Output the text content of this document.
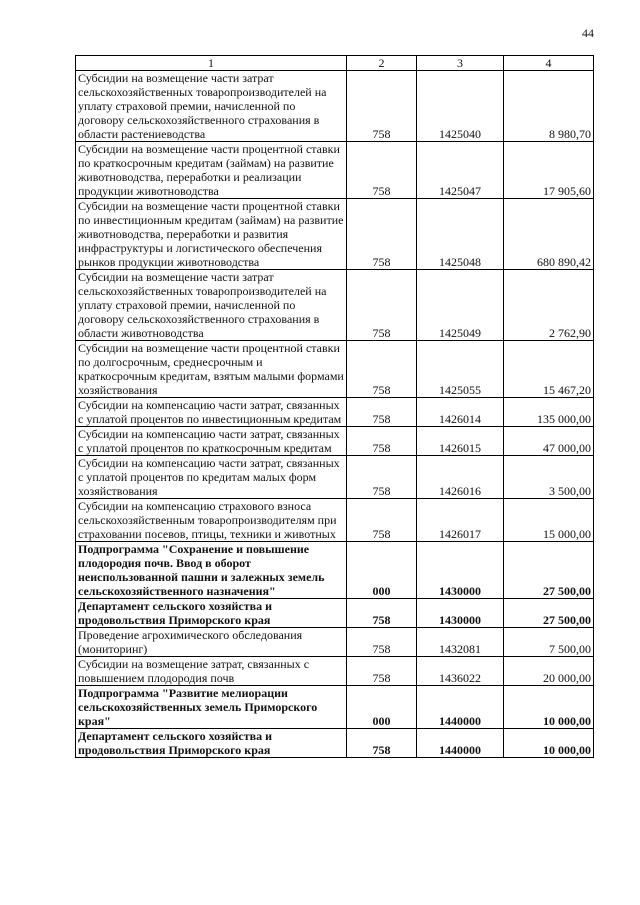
44
1	2	3	4
Субсидии на возмещение части затрат сельскохозяйственных товаропроизводителей на уплату страховой премии, начисленной по договору сельскохозяйственного страхования в области растениеводства	758	1425040	8 980,70
Субсидии на возмещение части процентной ставки по краткосрочным кредитам (займам) на развитие животноводства, переработки и реализации продукции животноводства	758	1425047	17 905,60
Субсидии на возмещение части процентной ставки по инвестиционным кредитам (займам) на развитие животноводства, переработки и развития инфраструктуры и логистического обеспечения рынков продукции животноводства	758	1425048	680 890,42
Субсидии на возмещение части затрат сельскохозяйственных товаропроизводителей на уплату страховой премии, начисленной по договору сельскохозяйственного страхования в области животноводства	758	1425049	2 762,90
Субсидии на возмещение части процентной ставки по долгосрочным, среднесрочным и краткосрочным кредитам, взятым малыми формами хозяйствования	758	1425055	15 467,20
Субсидии на компенсацию части затрат, связанных с уплатой процентов по инвестиционным кредитам	758	1426014	135 000,00
Субсидии на компенсацию части затрат, связанных с уплатой процентов по краткосрочным кредитам	758	1426015	47 000,00
Субсидии на компенсацию части затрат, связанных с уплатой процентов по кредитам малых форм хозяйствования	758	1426016	3 500,00
Субсидии на компенсацию страхового взноса сельскохозяйственным товаропроизводителям при страховании посевов, птицы, техники и животных	758	1426017	15 000,00
Подпрограмма "Сохранение и повышение плодородия почв. Ввод в оборот неиспользованной пашни и залежных земель сельскохозяйственного назначения"	000	1430000	27 500,00
Департамент сельского хозяйства и продовольствия Приморского края	758	1430000	27 500,00
Проведение агрохимического обследования (мониторинг)	758	1432081	7 500,00
Субсидии на возмещение затрат, связанных с повышением плодородия почв	758	1436022	20 000,00
Подпрограмма "Развитие мелиорации сельскохозяйственных земель Приморского края"	000	1440000	10 000,00
Департамент сельского хозяйства и продовольствия Приморского края	758	1440000	10 000,00
